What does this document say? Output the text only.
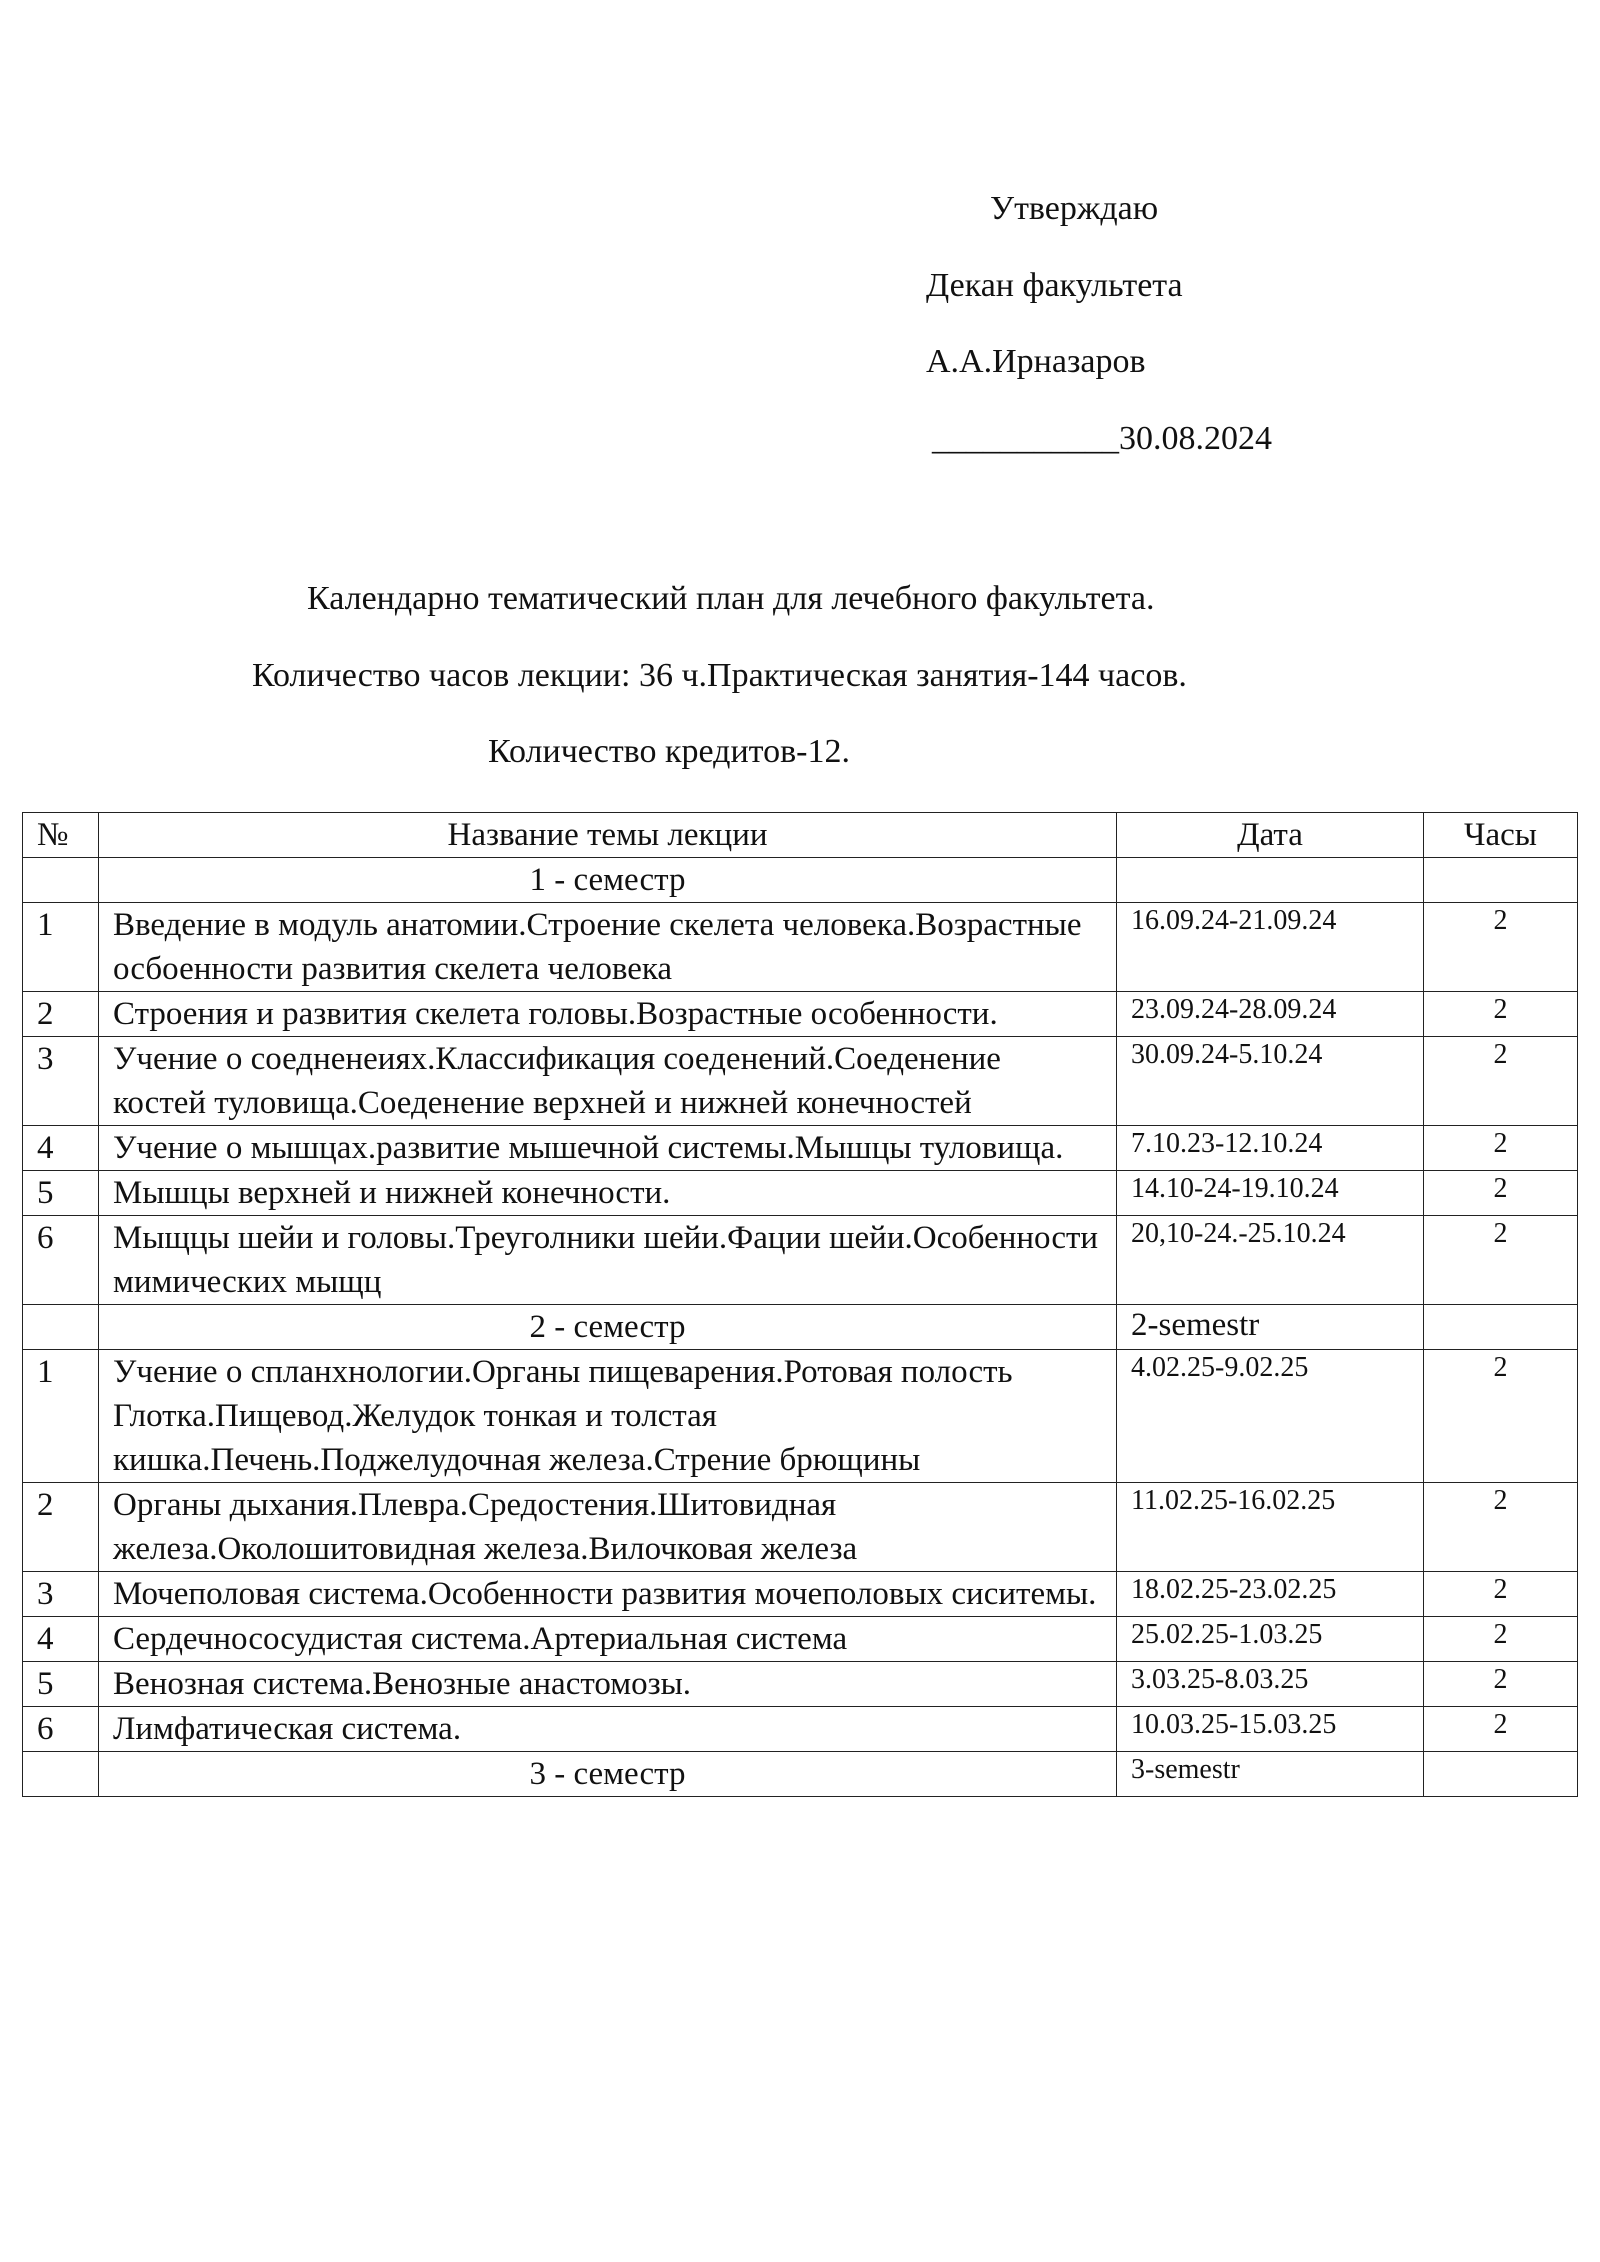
Утверждаю
Декан факультета
А.А.Ирназаров
___________30.08.2024
Календарно тематический план для лечебного факультета.
Количество часов лекции: 36 ч.Практическая занятия-144 часов.
Количество кредитов-12.
№	Название темы лекции	Дата	Часы
	1 - семестр		
1	Введение в модуль анатомии.Строение скелета человека.Возрастные осбоенности развития скелета человека	16.09.24-21.09.24	2
2	Строения и развития скелета головы.Возрастные особенности.	23.09.24-28.09.24	2
3	Учение о соедненеиях.Классификация соеденений.Соеденение костей туловища.Соеденение верхней и нижней конечностей	30.09.24-5.10.24	2
4	Учение о мышцах.развитие мышечной системы.Мышцы туловища.	7.10.23-12.10.24	2
5	Мышцы верхней и нижней конечности.	14.10-24-19.10.24	2
6	Мыщцы шейи и головы.Треуголники шейи.Фации шейи.Особенности мимических мыщц	20,10-24.-25.10.24	2
	2 - семестр	2-semestr	
1	Учение о спланхнологии.Органы пищеварения.Ротовая полость Глотка.Пищевод.Желудок тонкая и толстая кишка.Печень.Поджелудочная железа.Стрение брющины	4.02.25-9.02.25	2
2	Органы дыхания.Плевра.Средостения.Шитовидная железа.Околошитовидная железа.Вилочковая железа	11.02.25-16.02.25	2
3	Мочеполовая система.Особенности развития мочеполовых сиситемы.	18.02.25-23.02.25	2
4	Сердечнососудистая система.Артериальная система	25.02.25-1.03.25	2
5	Венозная система.Венозные анастомозы.	3.03.25-8.03.25	2
6	Лимфатическая система.	10.03.25-15.03.25	2
	3 - семестр	3-semestr	
